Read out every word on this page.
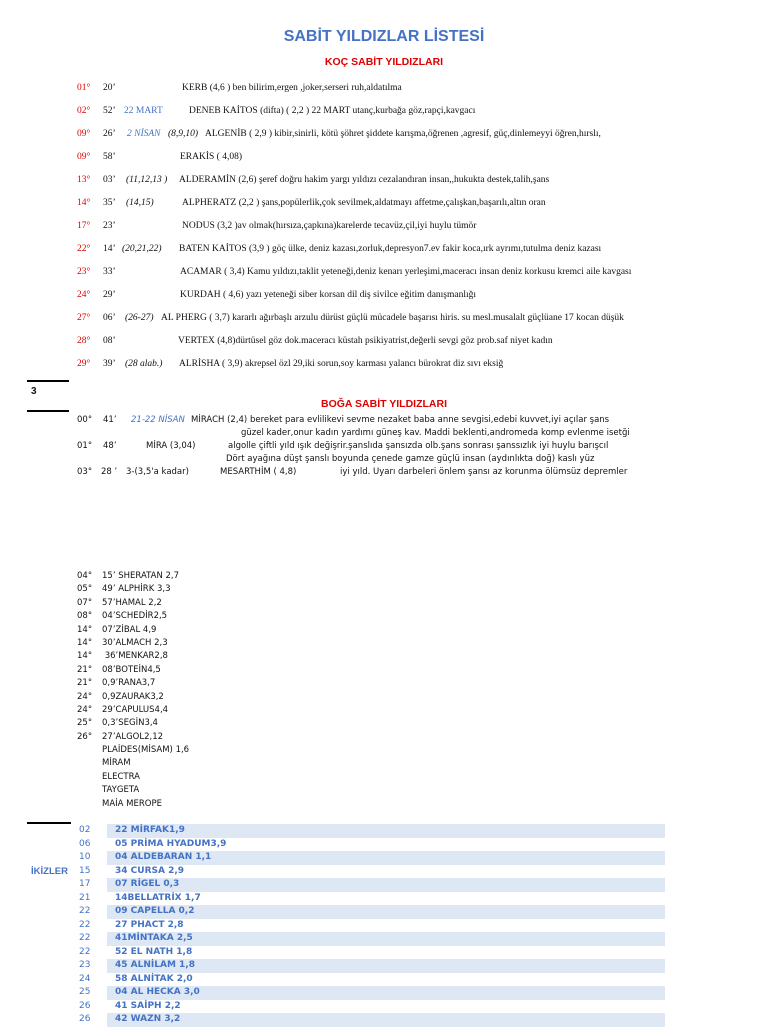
SABİT YILDIZLAR LİSTESİ
KOÇ SABİT YILDIZLARI
01° 20’	KERB (4,6 ) ben bilirim,ergen ,joker,serseri ruh,aldatılma
02° 52’ 22 MART	DENEB KAİTOS (difta) ( 2,2 ) 22 MART utanç,kurbağa göz,rapçi,kavgacı
09° 26’ 2 NİSAN (8,9,10) ALGENİB ( 2,9 ) kibir,sinirli, kötü şöhret şiddete karışma,öğrenen ,agresif, güç,dinlemeyyi öğren,hırslı,
09° 58’	ERAKİS ( 4,08)
13° 03’ (11,12,13 ) ALDERAMİN (2,6) şeref doğru hakim yargı yıldızı cezalandıran insan,,hukukta destek,talih,şans
14° 35’ (14,15)	ALPHERATZ (2,2 ) şans,popülerlik,çok sevilmek,aldatmayı affetme,çalışkan,başarılı,altın oran
17° 23’	NODUS (3,2 )av olmak(hırsıza,çapkına)karelerde tecavüz,çil,iyi huylu tümör
22° 14’ (20,21,22) BATEN KAİTOS (3,9 ) göç ülke, deniz kazası,zorluk,depresyon7.ev fakir koca,ırk ayrımı,tutulma deniz kazası
23° 33’	ACAMAR ( 3,4) Kamu yıldızı,taklit yeteneği,deniz kenarı yerleşimi,maceracı insan deniz korkusu kremci aile kavgası
24° 29’	KURDAH ( 4,6) yazı yeteneği siber korsan dil diş sivilce eğitim danışmanlığı
27° 06’ (26-27) AL PHERG ( 3,7) kararlı ağırbaşlı arzulu dürüst güçlü mücadele başarısı hiris. su mesl.musalalt güçlüane 17 kocan düşük
28° 08’	VERTEX (4,8)dürtüsel göz dok.maceracı küstah psikiyatrist,değerli sevgi göz prob.saf niyet kadın
29° 39’ (28 alab.) ALRİSHA ( 3,9) akrepsel özl 29,iki sorun,soy karması yalancı bürokrat diz sıvı eksiğ
3
BOĞA SABİT YILDIZLARI
00° 41’ 21-22 NİSAN MİRACH (2,4) bereket para evlilikevi sevme nezaket baba anne sevgisi,edebi kuvvet,iyi açılar şans
güzel kader,onur kadın yardımı güneş kav. Maddi beklenti,andromeda komp evlenme isetği
01° 48’	MİRA (3,04)	algolle çiftli yıld ışık değişrir.şanslıda şansızda olb.şans sonrası şanssızlık iyi huylu barışcıl
Dört ayağına düşt şanslı boyunda çenede gamze güçlü insan (aydınlıkta doğ) kaslı yüz
03° 28 ’ 3-(3,5'a kadar)	MESARTHİM ( 4,8)	iyi yıld. Uyarı darbeleri önlem şansı az korunma ölümsüz depremler
04° 15’ SHERATAN 2,7
05° 49’ ALPHİRK 3,3
07° 57’HAMAL 2,2
08° 04’SCHEDİR2,5
14° 07’ZİBAL 4,9
14° 30’ALMACH 2,3
14° 36’MENKAR2,8
21° 08’BOTEİN4,5
21° 0,9’RANA3,7
24° 0,9ZAURAK3,2
24° 29’CAPULUS4,4
25° 0,3’SEGİN3,4
26° 27’ALGOL2,12
PLAİDES(MİSAM) 1,6
MİRAM
ELECTRA
TAYGETA
MAİA MEROPE
İKİZLER
02	22 MİRFAK1,9
06	05 PRİMA HYADUM3,9
10	04 ALDEBARAN 1,1
15	34 CURSA 2,9
17	07 RİGEL 0,3
21	14BELLATRİX 1,7
22	09 CAPELLA 0,2
22	27 PHACT 2,8
22	41MİNTAKA 2,5
22	52 EL NATH 1,8
23	45 ALNİLAM 1,8
24	58 ALNİTAK 2,0
25	04 AL HECKA 3,0
26	41 SAİPH 2,2
26	42 WAZN 3,2
